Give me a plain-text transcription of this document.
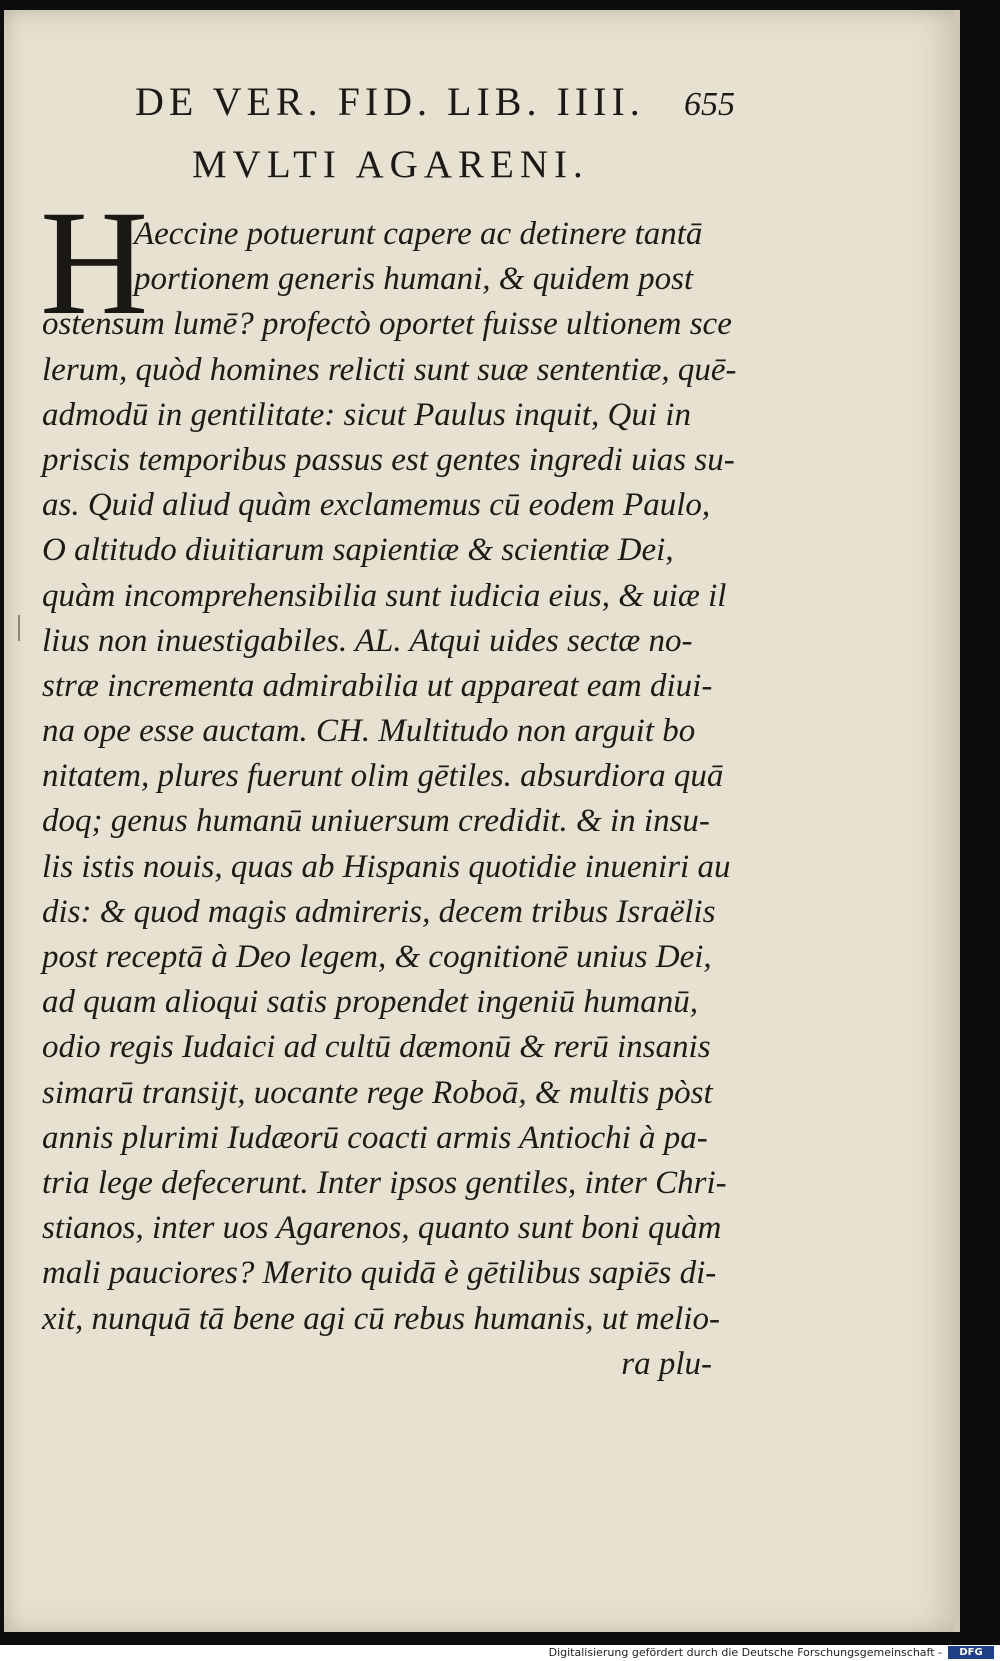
DE VER. FID. LIB. IIII. 655
MVLTI AGARENI.
H
Aeccine potuerunt capere ac detinere tantā
portionem generis humani, & quidem post
ostensum lumē? profectò oportet fuisse ultionem sce
lerum, quòd homines relicti sunt suæ sententiæ, quē-
admodū in gentilitate: sicut Paulus inquit, Qui in
priscis temporibus passus est gentes ingredi uias su-
as. Quid aliud quàm exclamemus cū eodem Paulo,
O altitudo diuitiarum sapientiæ & scientiæ Dei,
quàm incomprehensibilia sunt iudicia eius, & uiæ il
lius non inuestigabiles. AL. Atqui uides sectæ no-
stræ incrementa admirabilia ut appareat eam diui-
na ope esse auctam. CH. Multitudo non arguit bo
nitatem, plures fuerunt olim gētiles. absurdiora quā
doq; genus humanū uniuersum credidit. & in insu-
lis istis nouis, quas ab Hispanis quotidie inueniri au
dis: & quod magis admireris, decem tribus Israëlis
post receptā à Deo legem, & cognitionē unius Dei,
ad quam alioqui satis propendet ingeniū humanū,
odio regis Iudaici ad cultū dæmonū & rerū insanis
simarū transijt, uocante rege Roboā, & multis pòst
annis plurimi Iudæorū coacti armis Antiochi à pa-
tria lege defecerunt. Inter ipsos gentiles, inter Chri-
stianos, inter uos Agarenos, quanto sunt boni quàm
mali pauciores? Merito quidā è gētilibus sapiēs di-
xit, nunquā tā bene agi cū rebus humanis, ut melio-
ra plu-
Digitalisierung gefördert durch die Deutsche Forschungsgemeinschaft -	DFG
